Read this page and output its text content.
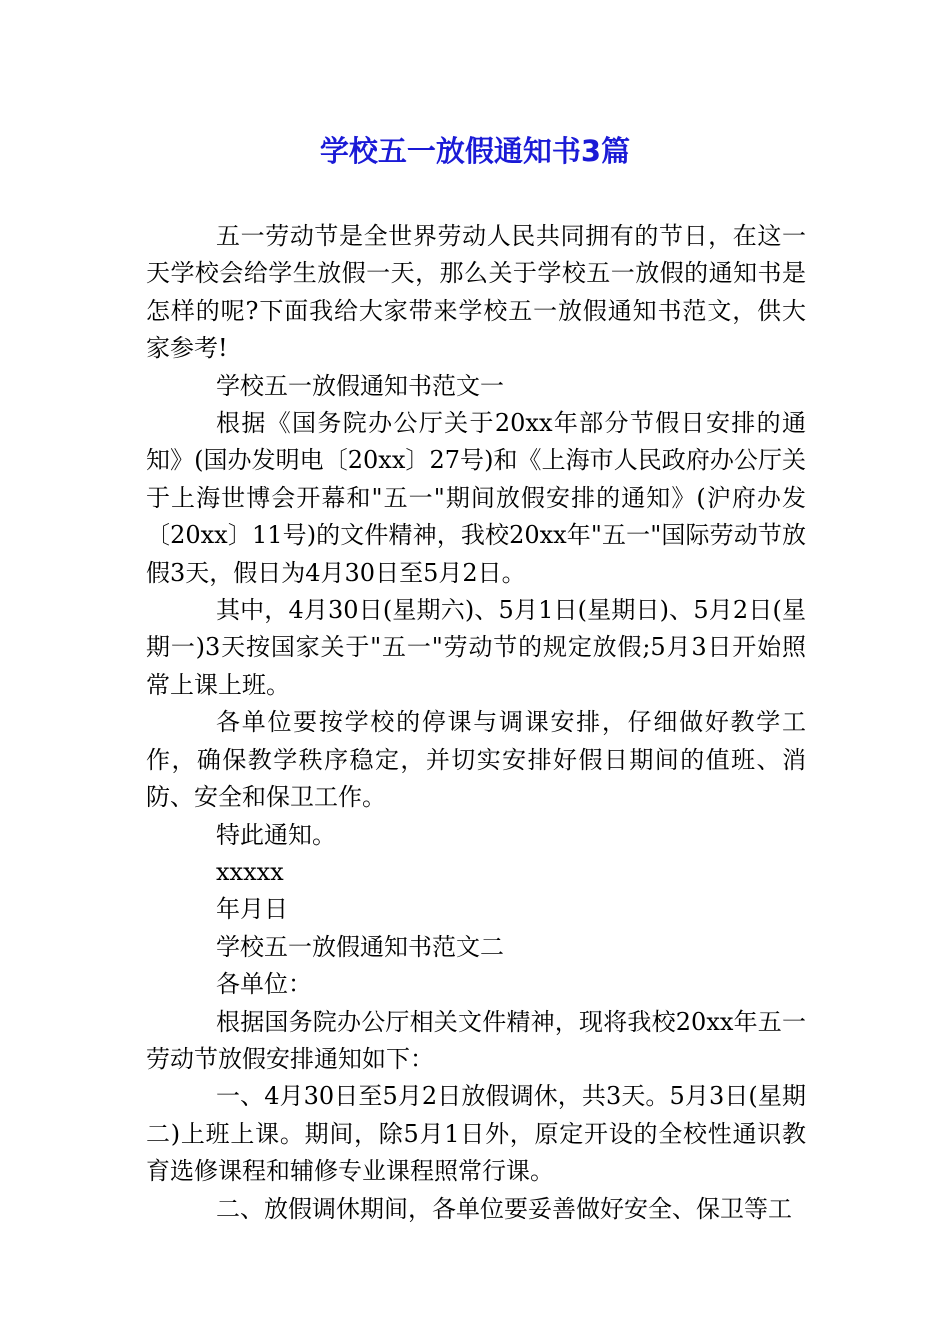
学校五一放假通知书3篇

五一劳动节是全世界劳动人民共同拥有的节日，在这一天学校会给学生放假一天，那么关于学校五一放假的通知书是怎样的呢?下面我给大家带来学校五一放假通知书范文，供大家参考!

学校五一放假通知书范文一

根据《国务院办公厅关于20xx年部分节假日安排的通知》(国办发明电〔20xx〕27号)和《上海市人民政府办公厅关于上海世博会开幕和"五一"期间放假安排的通知》(沪府办发〔20xx〕11号)的文件精神，我校20xx年"五一"国际劳动节放假3天，假日为4月30日至5月2日。

其中，4月30日(星期六)、5月1日(星期日)、5月2日(星期一)3天按国家关于"五一"劳动节的规定放假;5月3日开始照常上课上班。

各单位要按学校的停课与调课安排，仔细做好教学工作，确保教学秩序稳定，并切实安排好假日期间的值班、消防、安全和保卫工作。

特此通知。

xxxxx

年月日

学校五一放假通知书范文二

各单位：

根据国务院办公厅相关文件精神，现将我校20xx年五一劳动节放假安排通知如下：

一、4月30日至5月2日放假调休，共3天。5月3日(星期二)上班上课。期间，除5月1日外，原定开设的全校性通识教育选修课程和辅修专业课程照常行课。

二、放假调休期间，各单位要妥善做好安全、保卫等工
